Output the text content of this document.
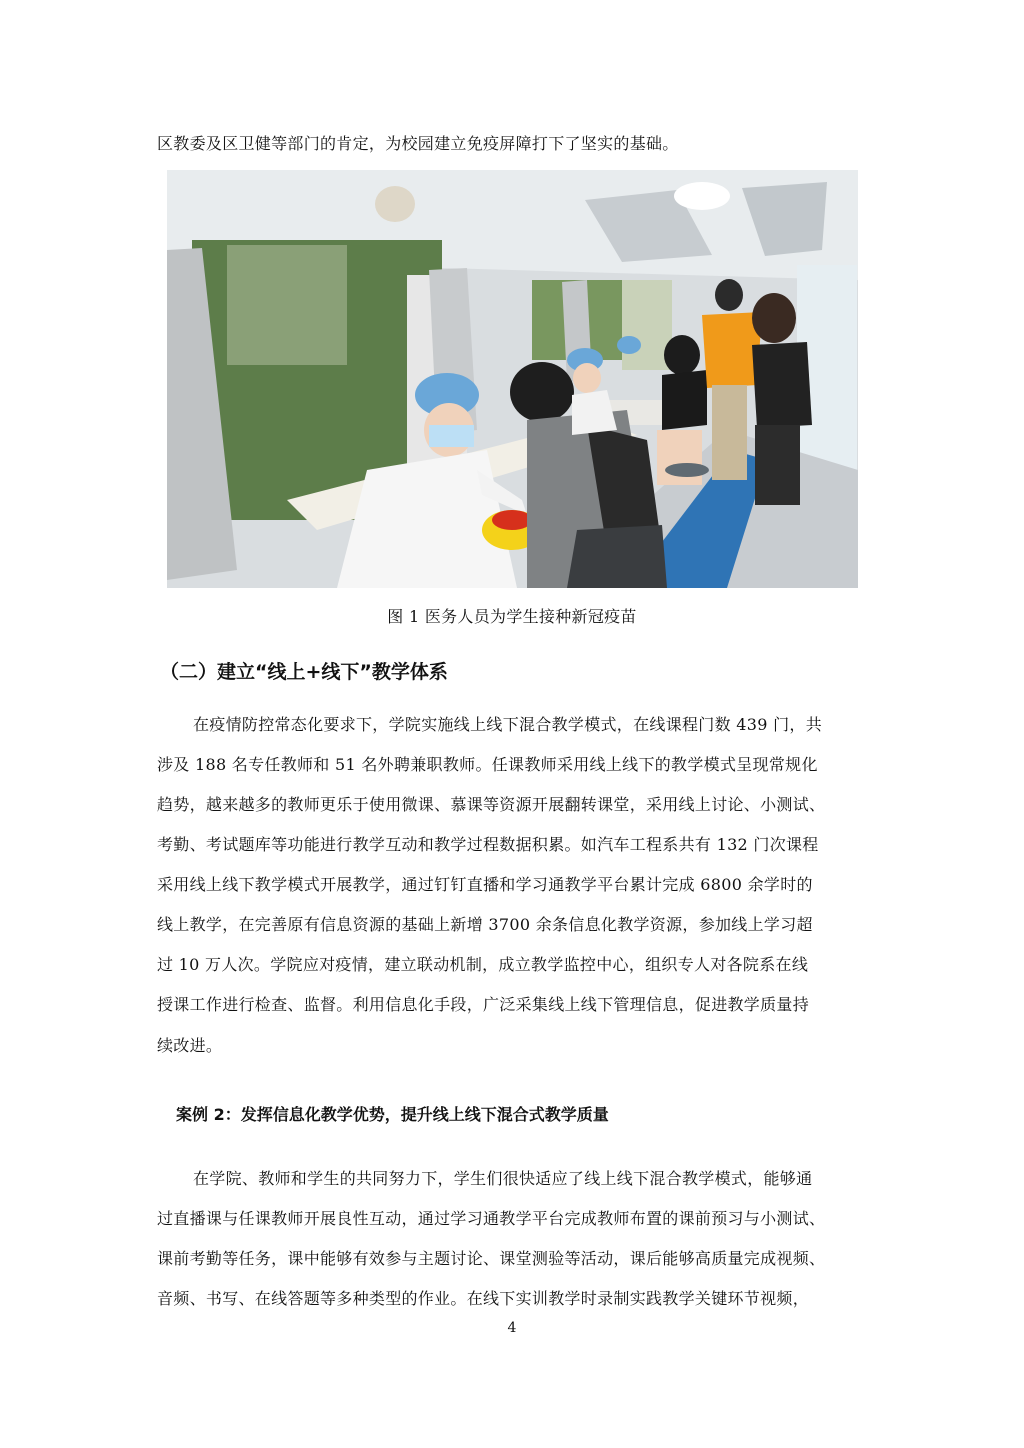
区教委及区卫健等部门的肯定，为校园建立免疫屏障打下了坚实的基础。
图 1 医务人员为学生接种新冠疫苗
（二）建立“线上+线下”教学体系
在疫情防控常态化要求下，学院实施线上线下混合教学模式，在线课程门数 439 门，共
涉及 188 名专任教师和 51 名外聘兼职教师。任课教师采用线上线下的教学模式呈现常规化
趋势，越来越多的教师更乐于使用微课、慕课等资源开展翻转课堂，采用线上讨论、小测试、
考勤、考试题库等功能进行教学互动和教学过程数据积累。如汽车工程系共有 132 门次课程
采用线上线下教学模式开展教学，通过钉钉直播和学习通教学平台累计完成 6800 余学时的
线上教学，在完善原有信息资源的基础上新增 3700 余条信息化教学资源，参加线上学习超
过 10 万人次。学院应对疫情，建立联动机制，成立教学监控中心，组织专人对各院系在线
授课工作进行检查、监督。利用信息化手段，广泛采集线上线下管理信息，促进教学质量持
续改进。
案例 2：发挥信息化教学优势，提升线上线下混合式教学质量
在学院、教师和学生的共同努力下，学生们很快适应了线上线下混合教学模式，能够通
过直播课与任课教师开展良性互动，通过学习通教学平台完成教师布置的课前预习与小测试、
课前考勤等任务，课中能够有效参与主题讨论、课堂测验等活动，课后能够高质量完成视频、
音频、书写、在线答题等多种类型的作业。在线下实训教学时录制实践教学关键环节视频，
4
